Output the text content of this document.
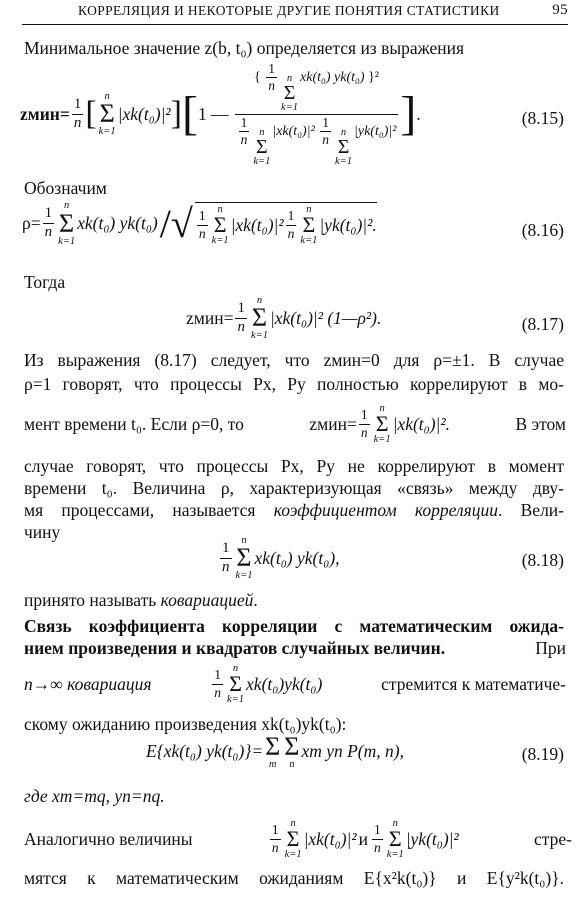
КОРРЕЛЯЦИЯ И НЕКОТОРЫЕ ДРУГИЕ ПОНЯТИЯ СТАТИСТИКИ	95
Минимальное значение z(b, t₀) определяется из выражения
zмин= $\frac{1}{n}$ [ n
Σ
k=1
|xk(t₀)|² ] [ 1 — { $\frac{1}{n}$ n
Σ
k=1
xk(t₀) yk(t₀) }²
$\frac{1}{n}$ n
Σ
k=1
$|xk(t_0)|^2 \frac{1}{n}$ n
Σ
k=1
|yk(t₀)|² ] .	(8.15)
Обозначим
$\rho= \frac{1}{n}$
n
Σ
k=1
xk(t₀) yk(t₀) /√ $\frac{1}{n}$
n
Σ
k=1
$|xk(t_0)|^2 \frac{1}{n}$
n
Σ
k=1
|yk(t₀)|².	(8.16)
Тогда
zмин= $\frac{1}{n}$
n
Σ
k=1
|xk(t₀)|² (1—ρ²).	(8.17)
Из выражения (8.17) следует, что zмин=0 для ρ=±1. В случае
ρ=1 говорят, что процессы Px, Py полностью коррелируют в мо-
мент времени t₀. Если ρ=0, то	zмин= $\frac{1}{n}$
n
Σ
k=1
|xk(t₀)|².	В этом
случае говорят, что процессы Px, Py не коррелируют в момент
времени t₀. Величина ρ, характеризующая «связь» между дву-
мя процессами, называется коэффициентом корреляции. Вели-
чину
$\frac{1}{n}$
n
Σ
k=1
xk(t₀) yk(t₀),	(8.18)
принято называть ковариацией.
Связь коэффициента корреляции с математическим ожида-
нием произведения и квадратов случайных величин.	При
n→∞ ковариация	$\frac{1}{n}$
n
Σ
k=1
xk(t₀) yk(t₀)	стремится к математиче-
скому ожиданию произведения xk(t₀)yk(t₀):
E{xk(t₀) yk(t₀)}= Σ
m
Σ
n
xm yn P(m, n),	(8.19)
где xm=mq, yn=nq.
Аналогично величины	$\frac{1}{n}$
n
Σ
k=1
|xk(t₀)|² и $\frac{1}{n}$
n
Σ
k=1
|yk(t₀)|²	стре-
мятся к математическим ожиданиям E{x²k(t₀)} и E{y²k(t₀)}.
